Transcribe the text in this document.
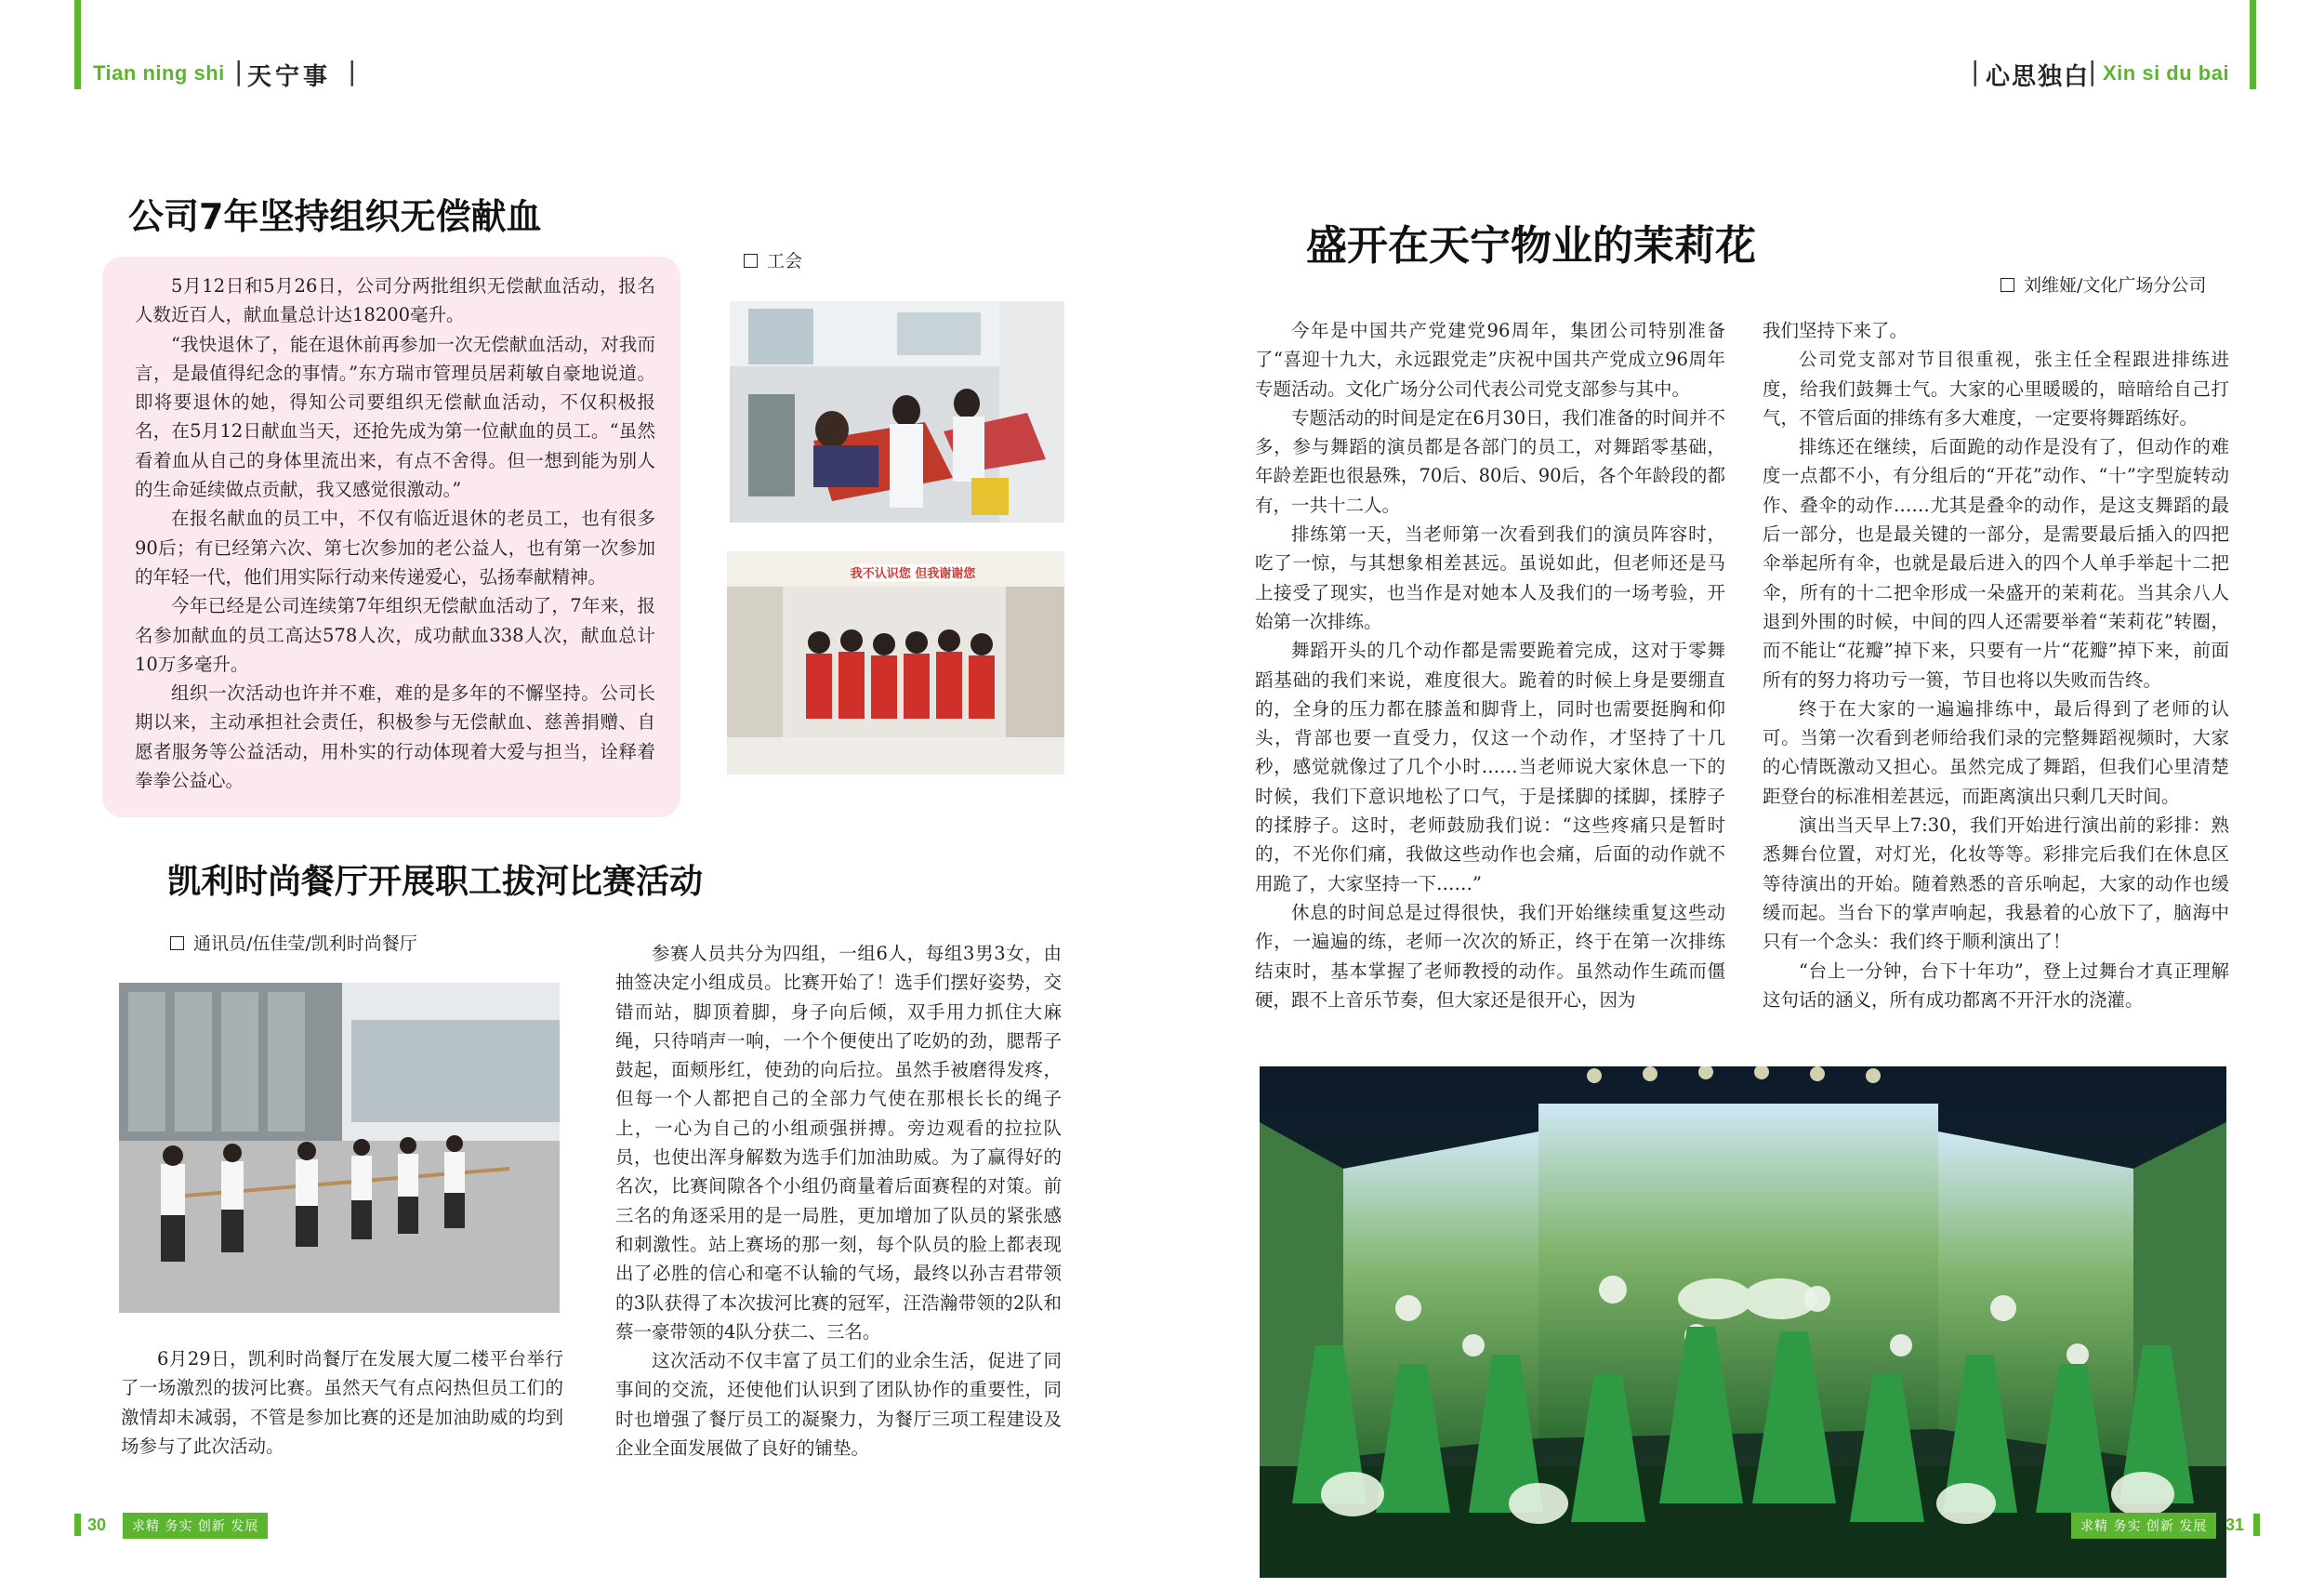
Tian ning shi | 天宁事 |	| 心思独白
| Xin si du bai
公司7年坚持组织无偿献血

5月12日和5月26日，公司分两批组织无偿献血活动，报名人数近百人，献血量总计达18200毫升。

“我快退休了，能在退休前再参加一次无偿献血活动，对我而言，是最值得纪念的事情。”东方瑞市管理员居莉敏自豪地说道。即将要退休的她，得知公司要组织无偿献血活动，不仅积极报名，在5月12日献血当天，还抢先成为第一位献血的员工。“虽然看着血从自己的身体里流出来，有点不舍得。但一想到能为别人的生命延续做点贡献，我又感觉很激动。”

在报名献血的员工中，不仅有临近退休的老员工，也有很多90后；有已经第六次、第七次参加的老公益人，也有第一次参加的年轻一代，他们用实际行动来传递爱心，弘扬奉献精神。

今年已经是公司连续第7年组织无偿献血活动了，7年来，报名参加献血的员工高达578人次，成功献血338人次，献血总计10万多毫升。

组织一次活动也许并不难，难的是多年的不懈坚持。公司长期以来，主动承担社会责任，积极参与无偿献血、慈善捐赠、自愿者服务等公益活动，用朴实的行动体现着大爱与担当，诠释着拳拳公益心。

工会
我不认识您 但我谢谢您
凯利时尚餐厅开展职工拔河比赛活动
通讯员/伍佳莹/凯利时尚餐厅

6月29日，凯利时尚餐厅在发展大厦二楼平台举行了一场激烈的拔河比赛。虽然天气有点闷热但员工们的激情却未减弱，不管是参加比赛的还是加油助威的均到场参与了此次活动。

参赛人员共分为四组，一组6人，每组3男3女，由抽签决定小组成员。比赛开始了！选手们摆好姿势，交错而站，脚顶着脚，身子向后倾，双手用力抓住大麻绳，只待哨声一响，一个个便使出了吃奶的劲，腮帮子鼓起，面颊彤红，使劲的向后拉。虽然手被磨得发疼，但每一个人都把自己的全部力气使在那根长长的绳子上，一心为自己的小组顽强拼搏。旁边观看的拉拉队员，也使出浑身解数为选手们加油助威。为了赢得好的名次，比赛间隙各个小组仍商量着后面赛程的对策。前三名的角逐采用的是一局胜，更加增加了队员的紧张感和刺激性。站上赛场的那一刻，每个队员的脸上都表现出了必胜的信心和毫不认输的气场，最终以孙吉君带领的3队获得了本次拔河比赛的冠军，汪浩瀚带领的2队和蔡一豪带领的4队分获二、三名。

这次活动不仅丰富了员工们的业余生活，促进了同事间的交流，还使他们认识到了团队协作的重要性，同时也增强了餐厅员工的凝聚力，为餐厅三项工程建设及企业全面发展做了良好的铺垫。

盛开在天宁物业的茉莉花
刘维娅/文化广场分公司

今年是中国共产党建党96周年，集团公司特别准备了“喜迎十九大，永远跟党走”庆祝中国共产党成立96周年专题活动。文化广场分公司代表公司党支部参与其中。

专题活动的时间是定在6月30日，我们准备的时间并不多，参与舞蹈的演员都是各部门的员工，对舞蹈零基础，年龄差距也很悬殊，70后、80后、90后，各个年龄段的都有，一共十二人。

排练第一天，当老师第一次看到我们的演员阵容时，吃了一惊，与其想象相差甚远。虽说如此，但老师还是马上接受了现实，也当作是对她本人及我们的一场考验，开始第一次排练。

舞蹈开头的几个动作都是需要跪着完成，这对于零舞蹈基础的我们来说，难度很大。跪着的时候上身是要绷直的，全身的压力都在膝盖和脚背上，同时也需要挺胸和仰头，背部也要一直受力，仅这一个动作，才坚持了十几秒，感觉就像过了几个小时……当老师说大家休息一下的时候，我们下意识地松了口气，于是揉脚的揉脚，揉脖子的揉脖子。这时，老师鼓励我们说：“这些疼痛只是暂时的，不光你们痛，我做这些动作也会痛，后面的动作就不用跪了，大家坚持一下……”

休息的时间总是过得很快，我们开始继续重复这些动作，一遍遍的练，老师一次次的矫正，终于在第一次排练结束时，基本掌握了老师教授的动作。虽然动作生疏而僵硬，跟不上音乐节奏，但大家还是很开心，因为

我们坚持下来了。

公司党支部对节目很重视，张主任全程跟进排练进度，给我们鼓舞士气。大家的心里暖暖的，暗暗给自己打气，不管后面的排练有多大难度，一定要将舞蹈练好。

排练还在继续，后面跪的动作是没有了，但动作的难度一点都不小，有分组后的“开花”动作、“十”字型旋转动作、叠伞的动作……尤其是叠伞的动作，是这支舞蹈的最后一部分，也是最关键的一部分，是需要最后插入的四把伞举起所有伞，也就是最后进入的四个人单手举起十二把伞，所有的十二把伞形成一朵盛开的茉莉花。当其余八人退到外围的时候，中间的四人还需要举着“茉莉花”转圈，而不能让“花瓣”掉下来，只要有一片“花瓣”掉下来，前面所有的努力将功亏一篑，节目也将以失败而告终。

终于在大家的一遍遍排练中，最后得到了老师的认可。当第一次看到老师给我们录的完整舞蹈视频时，大家的心情既激动又担心。虽然完成了舞蹈，但我们心里清楚距登台的标准相差甚远，而距离演出只剩几天时间。

演出当天早上7:30，我们开始进行演出前的彩排：熟悉舞台位置，对灯光，化妆等等。彩排完后我们在休息区等待演出的开始。随着熟悉的音乐响起，大家的动作也缓缓而起。当台下的掌声响起，我悬着的心放下了，脑海中只有一个念头：我们终于顺利演出了！

“台上一分钟，台下十年功”，登上过舞台才真正理解这句话的涵义，所有成功都离不开汗水的浇灌。

30	求精 务实 创新 发展	求精 务实 创新 发展	31
